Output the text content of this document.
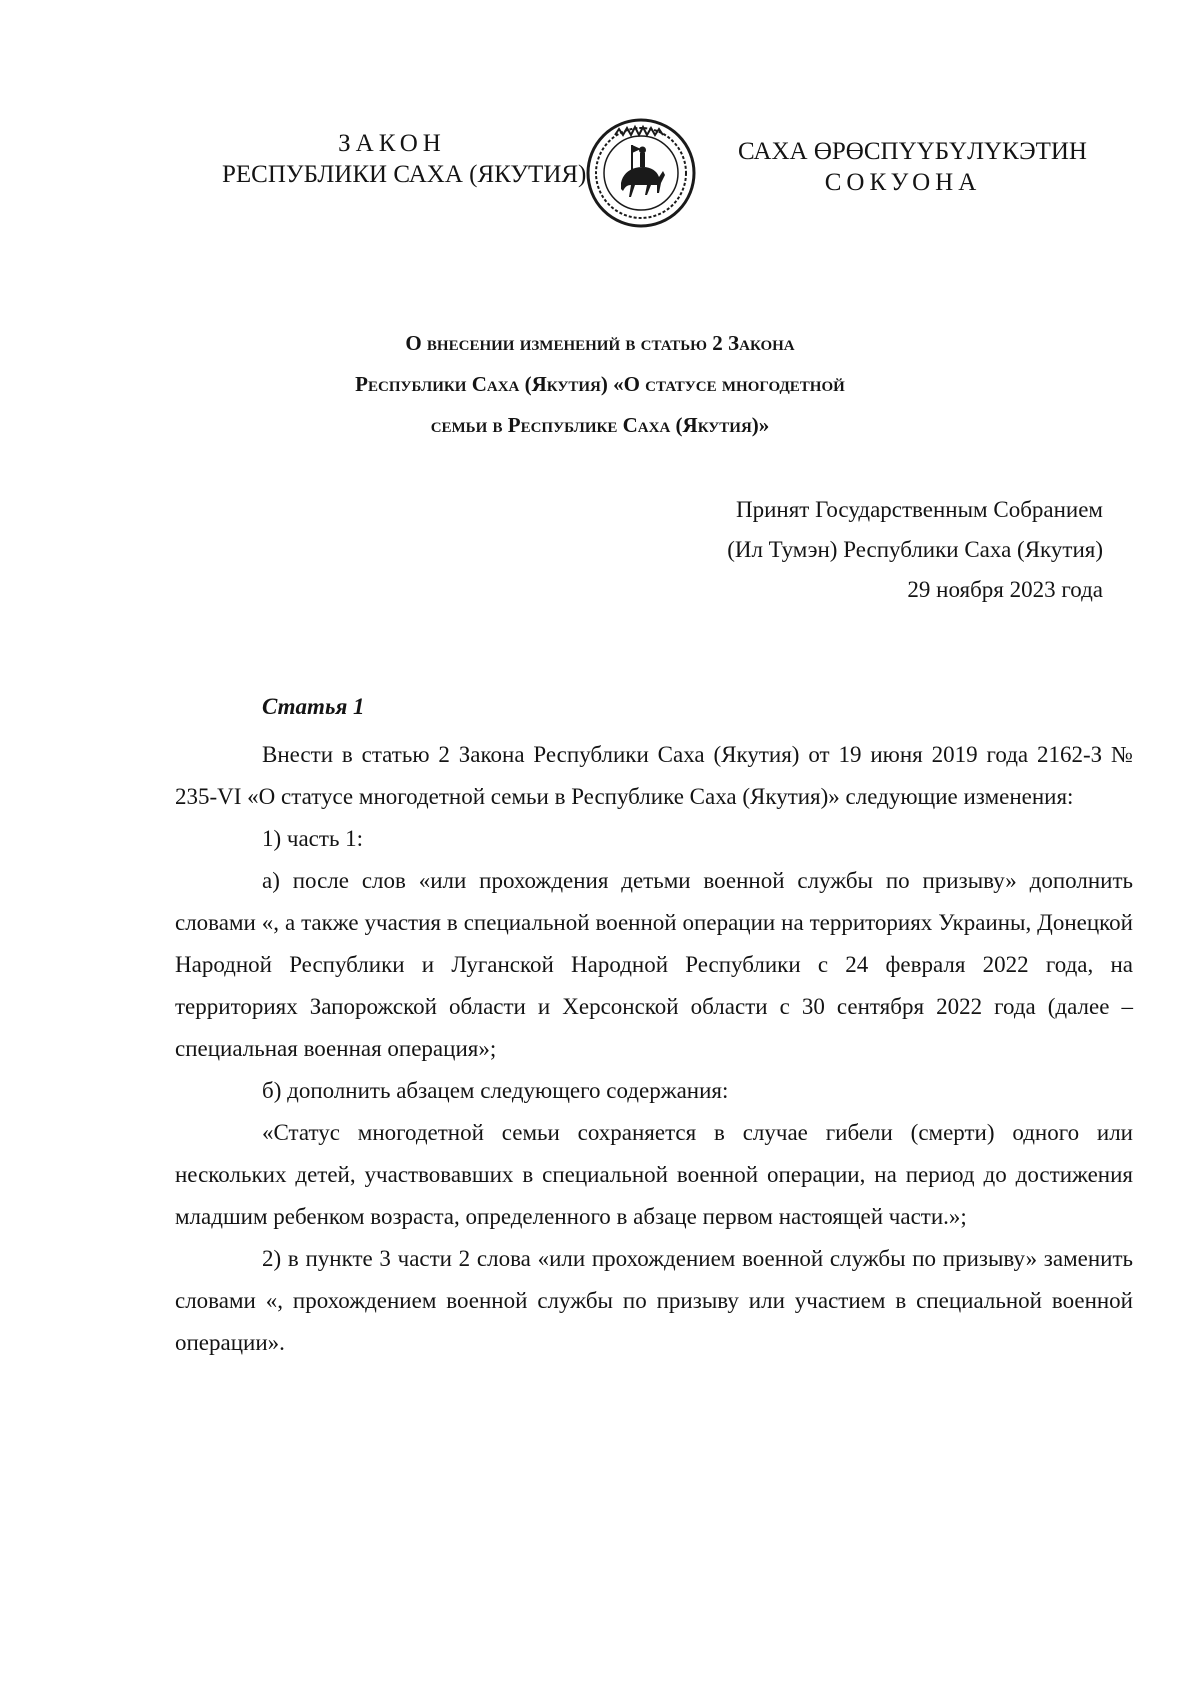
ЗАКОН
РЕСПУБЛИКИ САХА (ЯКУТИЯ)
САХА ӨРӨСПҮҮБҮЛҮКЭТИН
СОКУОНА
О внесении изменений в статью 2 Закона
Республики Саха (Якутия) «О статусе многодетной
семьи в Республике Саха (Якутия)»
Принят Государственным Собранием
(Ил Тумэн) Республики Саха (Якутия)
29 ноября 2023 года
Статья 1

Внести в статью 2 Закона Республики Саха (Якутия) от 19 июня 2019 года 2162-З № 235-VI «О статусе многодетной семьи в Республике Саха (Якутия)» следующие изменения:

1) часть 1:

а) после слов «или прохождения детьми военной службы по призыву» дополнить словами «, а также участия в специальной военной операции на территориях Украины, Донецкой Народной Республики и Луганской Народной Республики с 24 февраля 2022 года, на территориях Запорожской области и Херсонской области с 30 сентября 2022 года (далее – специальная военная операция»;

б) дополнить абзацем следующего содержания:

«Статус многодетной семьи сохраняется в случае гибели (смерти) одного или нескольких детей, участвовавших в специальной военной операции, на период до достижения младшим ребенком возраста, определенного в абзаце первом настоящей части.»;

2) в пункте 3 части 2 слова «или прохождением военной службы по призыву» заменить словами «, прохождением военной службы по призыву или участием в специальной военной операции».
